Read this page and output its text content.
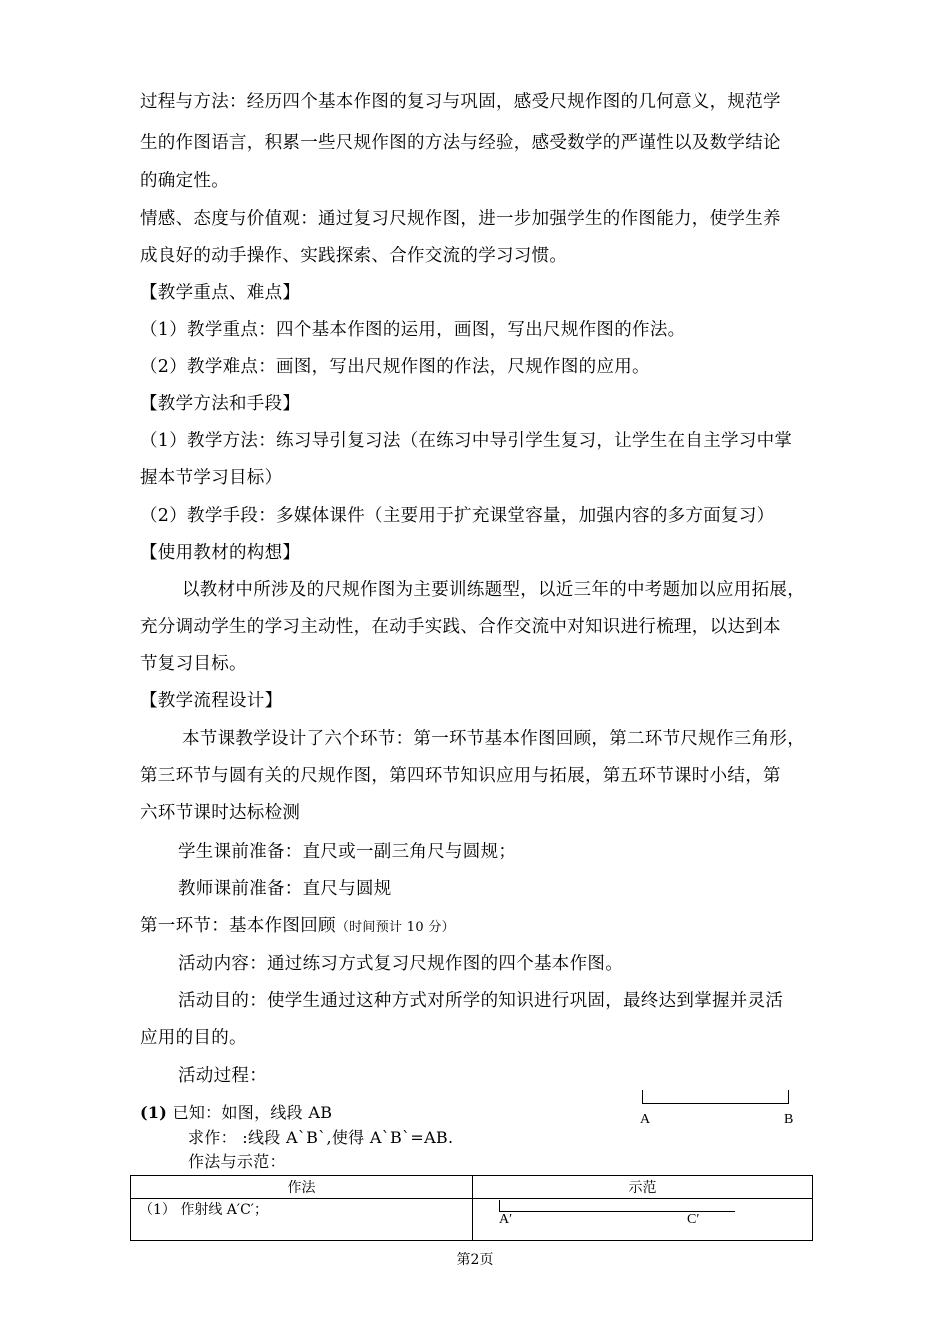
过程与方法：经历四个基本作图的复习与巩固，感受尺规作图的几何意义，规范学
生的作图语言，积累一些尺规作图的方法与经验，感受数学的严谨性以及数学结论
的确定性。
情感、态度与价值观：通过复习尺规作图，进一步加强学生的作图能力，使学生养
成良好的动手操作、实践探索、合作交流的学习习惯。
【教学重点、难点】
（1）教学重点：四个基本作图的运用，画图，写出尺规作图的作法。
（2）教学难点：画图，写出尺规作图的作法，尺规作图的应用。
【教学方法和手段】
（1）教学方法：练习导引复习法（在练习中导引学生复习，让学生在自主学习中掌
握本节学习目标）
（2）教学手段：多媒体课件（主要用于扩充课堂容量，加强内容的多方面复习）
【使用教材的构想】
以教材中所涉及的尺规作图为主要训练题型，以近三年的中考题加以应用拓展，
充分调动学生的学习主动性，在动手实践、合作交流中对知识进行梳理，以达到本
节复习目标。
【教学流程设计】
本节课教学设计了六个环节：第一环节基本作图回顾，第二环节尺规作三角形，
第三环节与圆有关的尺规作图，第四环节知识应用与拓展，第五环节课时小结，第
六环节课时达标检测
学生课前准备：直尺或一副三角尺与圆规；
教师课前准备：直尺与圆规
第一环节：基本作图回顾（时间预计 10 分）
活动内容：通过练习方式复习尺规作图的四个基本作图。
活动目的：使学生通过这种方式对所学的知识进行巩固，最终达到掌握并灵活
应用的目的。
活动过程：
(1) 已知：如图，线段 AB
求作： :线段 A`B`,使得 A`B`=AB.
作法与示范：
A	B
作法	示范
（1） 作射线 A′C′；	A′ C′
第2页
